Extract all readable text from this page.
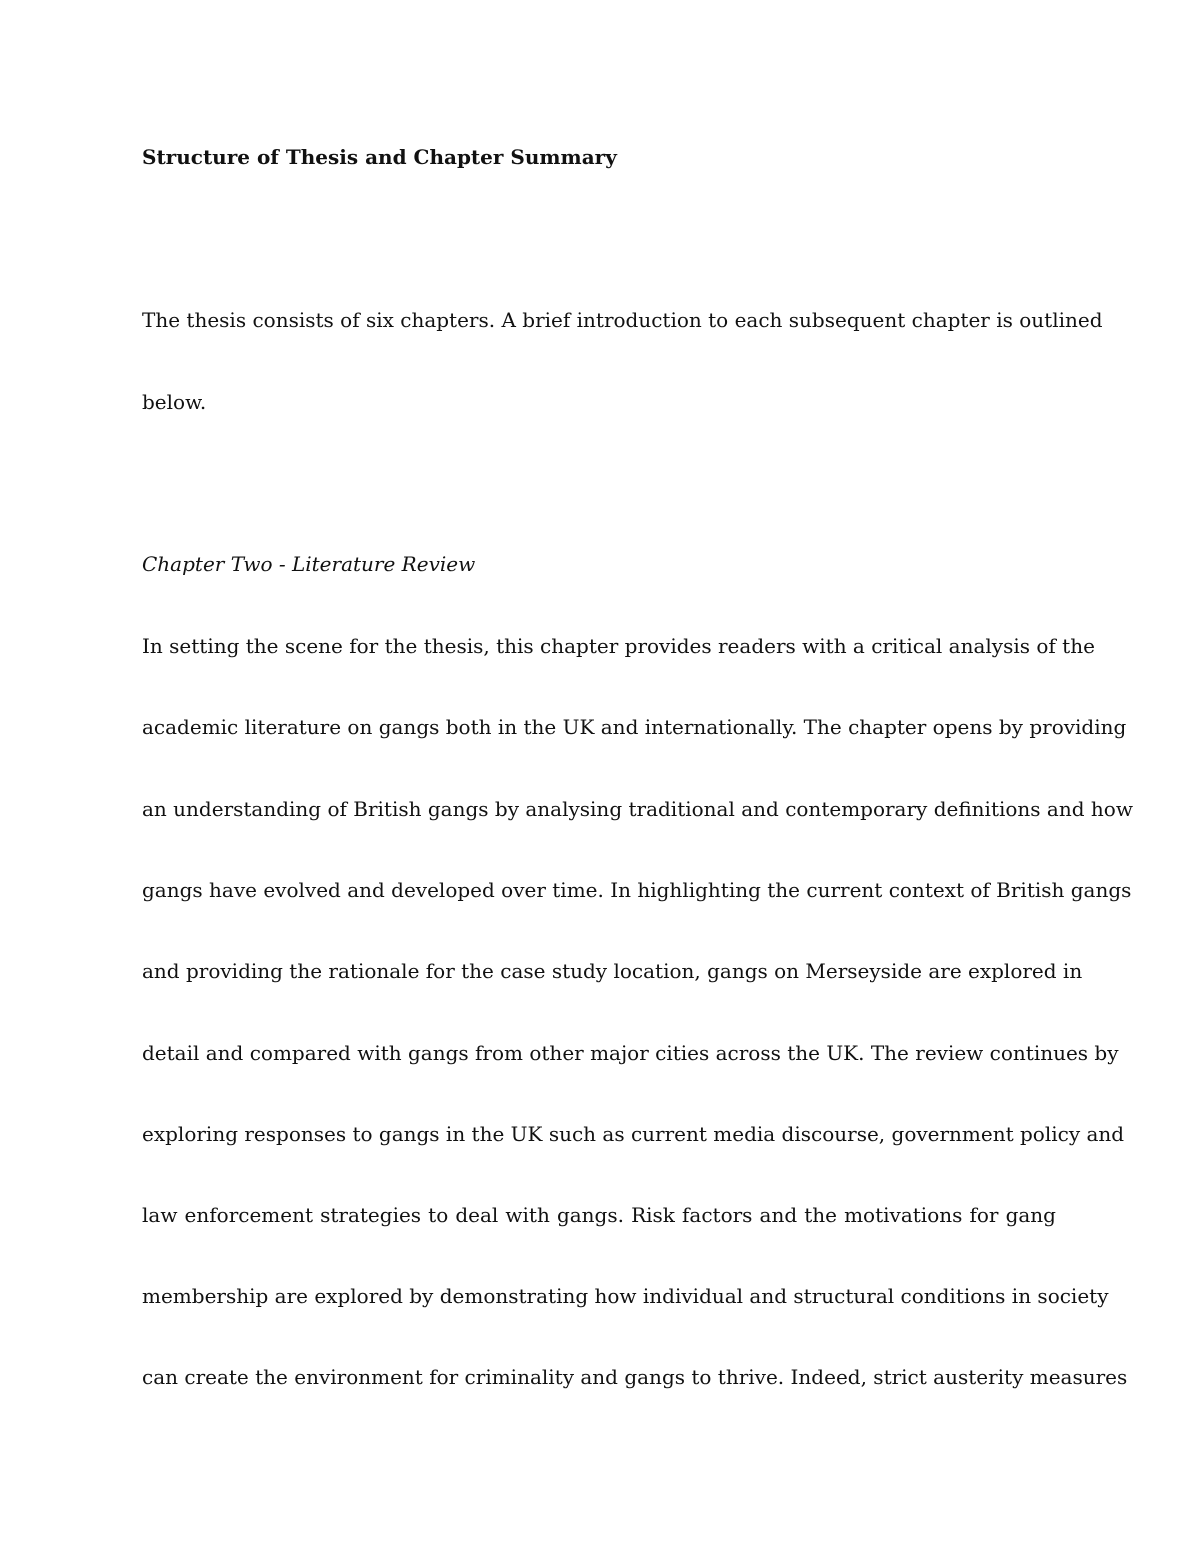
Structure of Thesis and Chapter Summary
The thesis consists of six chapters. A brief introduction to each subsequent chapter is outlined
below.
Chapter Two - Literature Review
In setting the scene for the thesis, this chapter provides readers with a critical analysis of the
academic literature on gangs both in the UK and internationally. The chapter opens by providing
an understanding of British gangs by analysing traditional and contemporary definitions and how
gangs have evolved and developed over time. In highlighting the current context of British gangs
and providing the rationale for the case study location, gangs on Merseyside are explored in
detail and compared with gangs from other major cities across the UK. The review continues by
exploring responses to gangs in the UK such as current media discourse, government policy and
law enforcement strategies to deal with gangs. Risk factors and the motivations for gang
membership are explored by demonstrating how individual and structural conditions in society
can create the environment for criminality and gangs to thrive. Indeed, strict austerity measures
